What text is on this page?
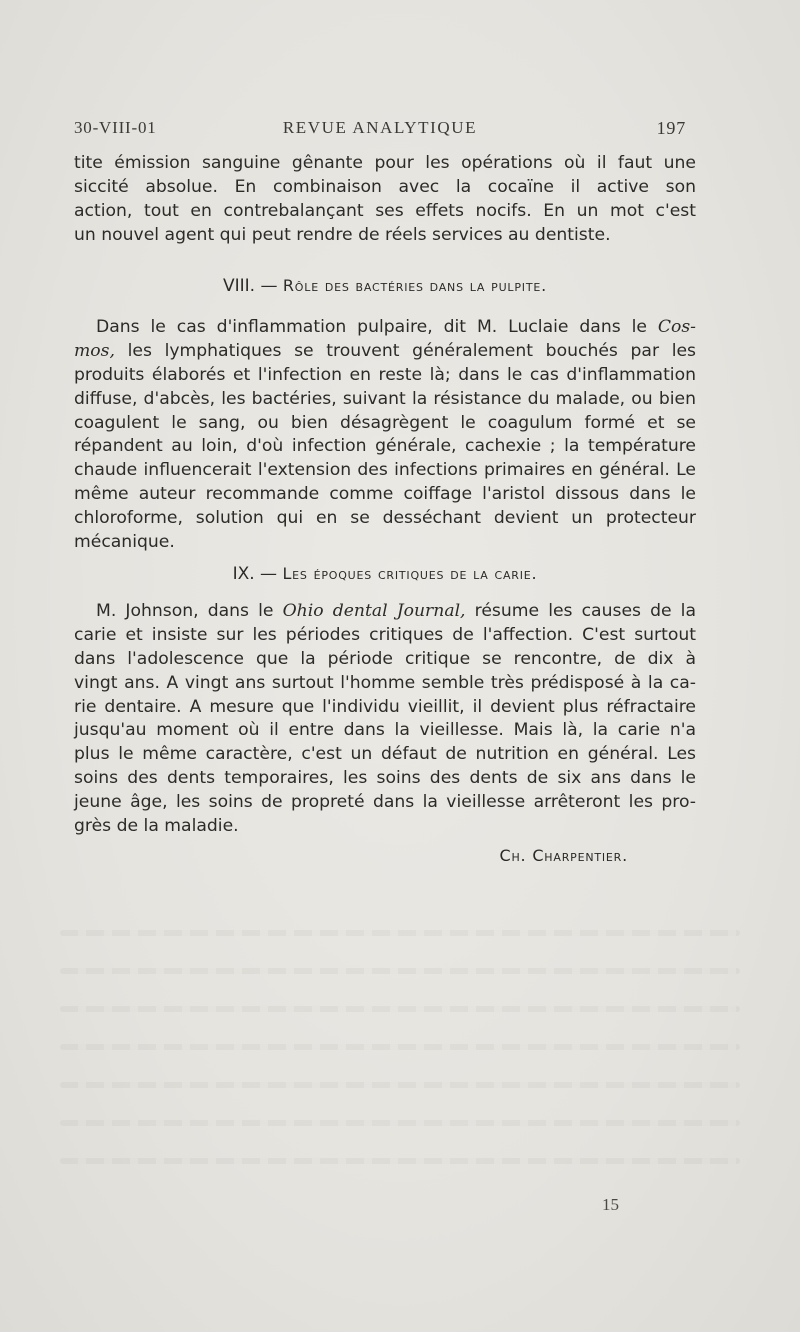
30-VIII-01	REVUE ANALYTIQUE	197
tite émission sanguine gênante pour les opérations où il faut une
siccité absolue. En combinaison avec la cocaïne il active son
action, tout en contrebalançant ses effets nocifs. En un mot c'est
un nouvel agent qui peut rendre de réels services au dentiste.
VIII. — Rôle des bactéries dans la pulpite.
Dans le cas d'inflammation pulpaire, dit M. Luclaie dans le Cos-
mos, les lymphatiques se trouvent généralement bouchés par les
produits élaborés et l'infection en reste là; dans le cas d'inflammation
diffuse, d'abcès, les bactéries, suivant la résistance du malade, ou bien
coagulent le sang, ou bien désagrègent le coagulum formé et se
répandent au loin, d'où infection générale, cachexie ; la température
chaude influencerait l'extension des infections primaires en général. Le
même auteur recommande comme coiffage l'aristol dissous dans le
chloroforme, solution qui en se desséchant devient un protecteur
mécanique.
IX. — Les époques critiques de la carie.
M. Johnson, dans le Ohio dental Journal, résume les causes de la
carie et insiste sur les périodes critiques de l'affection. C'est surtout
dans l'adolescence que la période critique se rencontre, de dix à
vingt ans. A vingt ans surtout l'homme semble très prédisposé à la ca-
rie dentaire. A mesure que l'individu vieillit, il devient plus réfractaire
jusqu'au moment où il entre dans la vieillesse. Mais là, la carie n'a
plus le même caractère, c'est un défaut de nutrition en général. Les
soins des dents temporaires, les soins des dents de six ans dans le
jeune âge, les soins de propreté dans la vieillesse arrêteront les pro-
grès de la maladie.
Ch. Charpentier.
15
